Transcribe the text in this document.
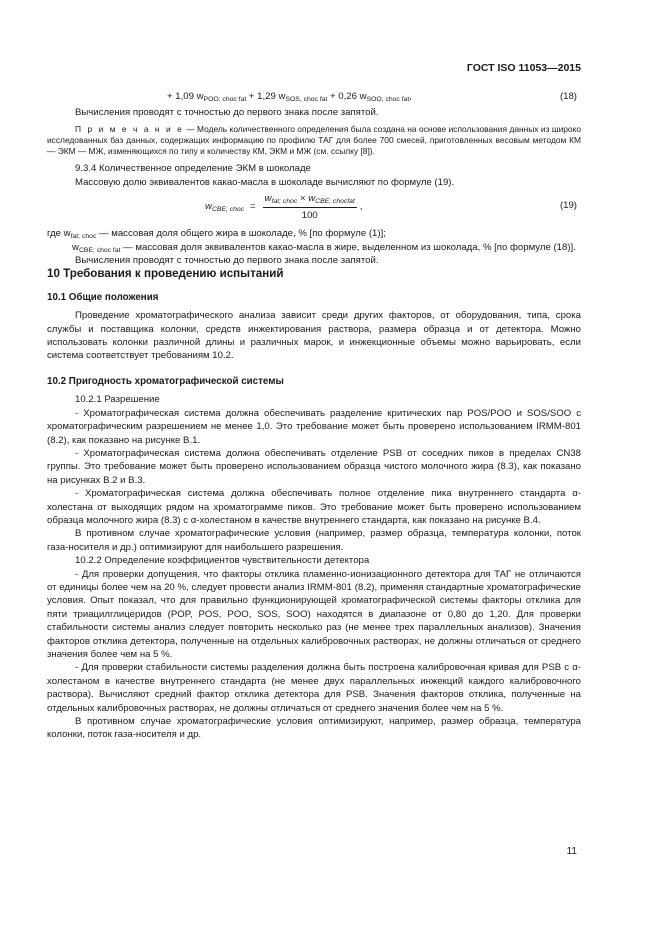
ГОСТ ISO 11053—2015
+ 1,09 $w_{POO; choc fat} + 1,29$ $w_{SOS, choc fat} + 0,26$ $w_{SOO; choc fat}$,	(18)

Вычисления проводят с точностью до первого знака после запятой.

П р и м е ч а н и е — Модель количественного определения была создана на основе использования данных из широко исследованных баз данных, содержащих информацию по профилю ТАГ для более 700 смесей, приготовленных весовым методом КМ — ЭКМ — МЖ, изменяющихся по типу и количеству КМ, ЭКМ и МЖ (см. ссылку [8]).

9.3.4 Количественное определение ЭКМ в шоколаде

Массовую долю эквивалентов какао-масла в шоколаде вычисляют по формуле (19).

$w_{CBE; choc} = \frac{w_{fat; choc} \times w_{CBE; chocfat}}{100}$ ,	(19)

где $w_{fat; choc}$ — массовая доля общего жира в шоколаде, % [по формуле (1)];

$w_{CBE; choc fat}$ — массовая доля эквивалентов какао-масла в жире, выделенном из шоколада, % [по формуле (18)].

Вычисления проводят с точностью до первого знака после запятой.

10 Требования к проведению испытаний

10.1 Общие положения

Проведение хроматографического анализа зависит среди других факторов, от оборудования, типа, срока службы и поставщика колонки, средств инжектирования раствора, размера образца и от детектора. Можно использовать колонки различной длины и различных марок, и инжекционные объемы можно варьировать, если система соответствует требованиям 10.2.

10.2 Пригодность хроматографической системы

10.2.1 Разрешение

- Хроматографическая система должна обеспечивать разделение критических пар POS/POO и SOS/SOO с хроматографическим разрешением не менее 1,0. Это требование может быть проверено использованием IRMM-801 (8.2), как показано на рисунке В.1.

- Хроматографическая система должна обеспечивать отделение PSB от соседних пиков в пределах CN38 группы. Это требование может быть проверено использованием образца чистого молочного жира (8.3), как показано на рисунках В.2 и В.3.

- Хроматографическая система должна обеспечивать полное отделение пика внутреннего стандарта α-холестана от выходящих рядом на хроматограмме пиков. Это требование может быть проверено использованием образца молочного жира (8.3) с α-холестаном в качестве внутреннего стандарта, как показано на рисунке В.4.

В противном случае хроматографические условия (например, размер образца, температура колонки, поток газа-носителя и др.) оптимизируют для наибольшего разрешения.

10.2.2 Определение коэффициентов чувствительности детектора

- Для проверки допущения, что факторы отклика пламенно-ионизационного детектора для ТАГ не отличаются от единицы более чем на 20 %, следует провести анализ IRMM-801 (8.2), применяя стандартные хроматографические условия. Опыт показал, что для правильно функционирующей хроматографической системы факторы отклика для пяти триацилглицеридов (POP, POS, POO, SOS, SOO) находятся в диапазоне от 0,80 до 1,20. Для проверки стабильности системы анализ следует повторить несколько раз (не менее трех параллельных анализов). Значения факторов отклика детектора, полученные на отдельных калибровочных растворах, не должны отличаться от среднего значения более чем на 5 %.

- Для проверки стабильности системы разделения должна быть построена калибровочная кривая для PSB с α-холестаном в качестве внутреннего стандарта (не менее двух параллельных инжекций каждого калибровочного раствора). Вычисляют средний фактор отклика детектора для PSB. Значения факторов отклика, полученные на отдельных калибровочных растворах, не должны отличаться от среднего значения более чем на 5 %.

В противном случае хроматографические условия оптимизируют, например, размер образца, температура колонки, поток газа-носителя и др.

11
